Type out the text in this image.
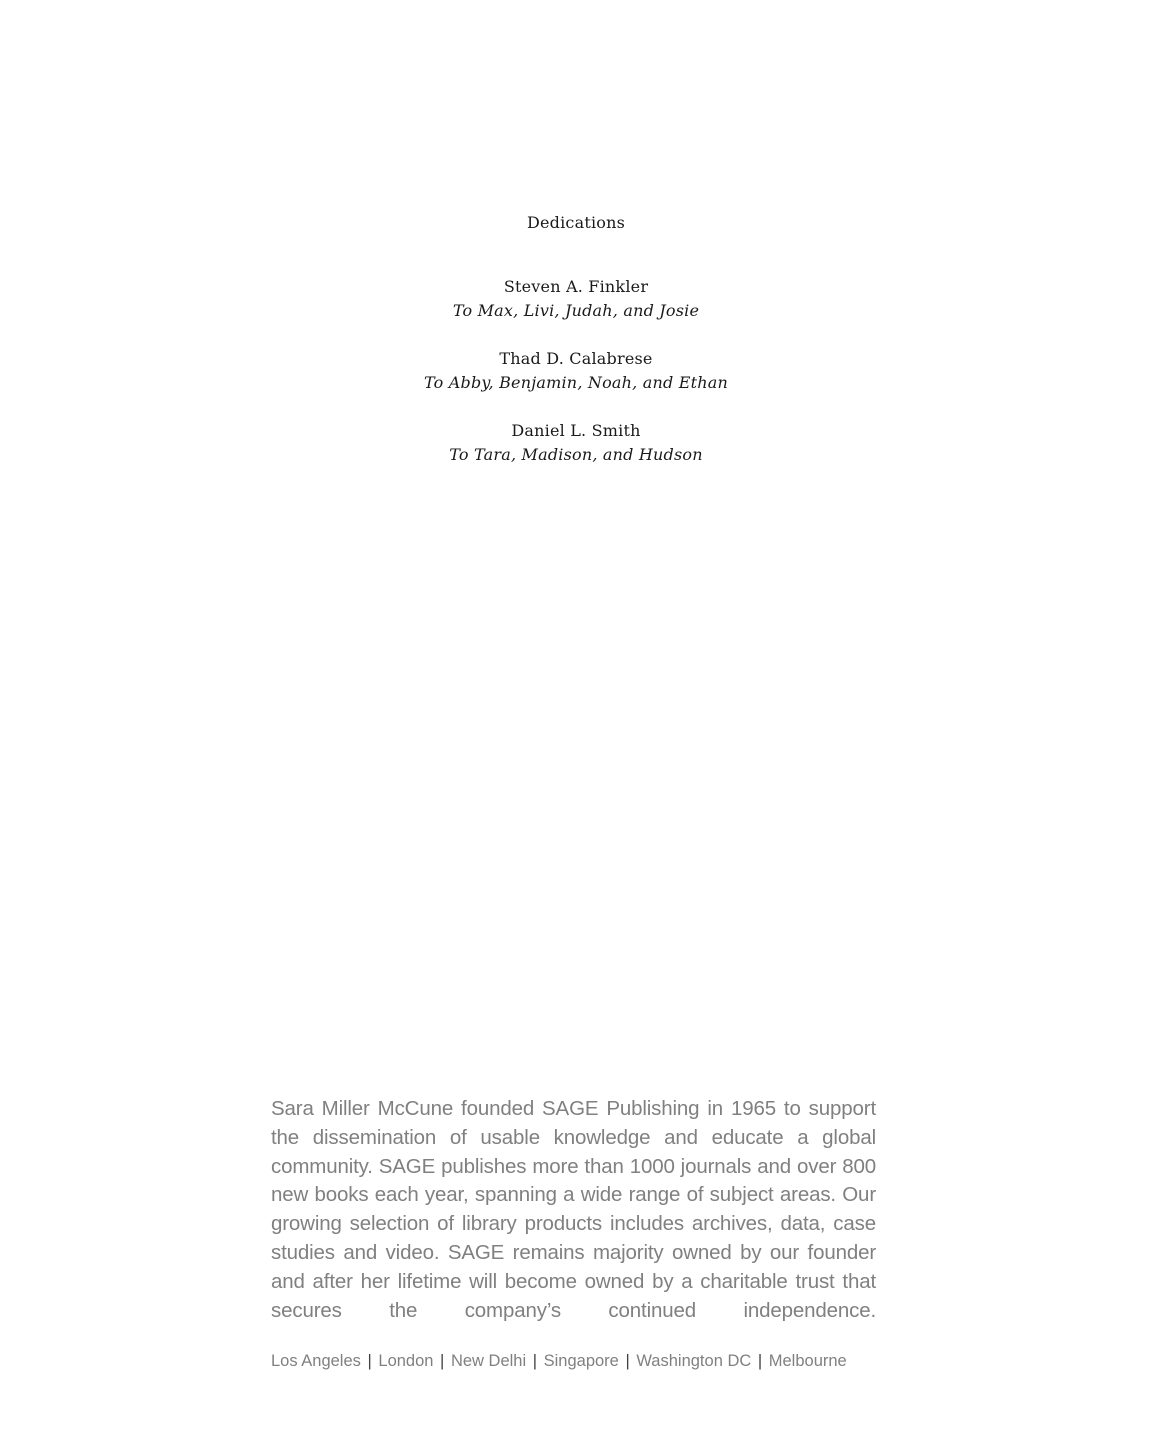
Dedications
Steven A. Finkler
To Max, Livi, Judah, and Josie
Thad D. Calabrese
To Abby, Benjamin, Noah, and Ethan
Daniel L. Smith
To Tara, Madison, and Hudson

Sara Miller McCune founded SAGE Publishing in 1965 to support the dissemination of usable knowledge and educate a global community. SAGE publishes more than 1000 journals and over 800 new books each year, spanning a wide range of subject areas. Our growing selection of library products includes archives, data, case studies and video. SAGE remains majority owned by our founder and after her lifetime will become owned by a charitable trust that secures the company’s continued independence.

Los Angeles | London | New Delhi | Singapore | Washington DC | Melbourne
